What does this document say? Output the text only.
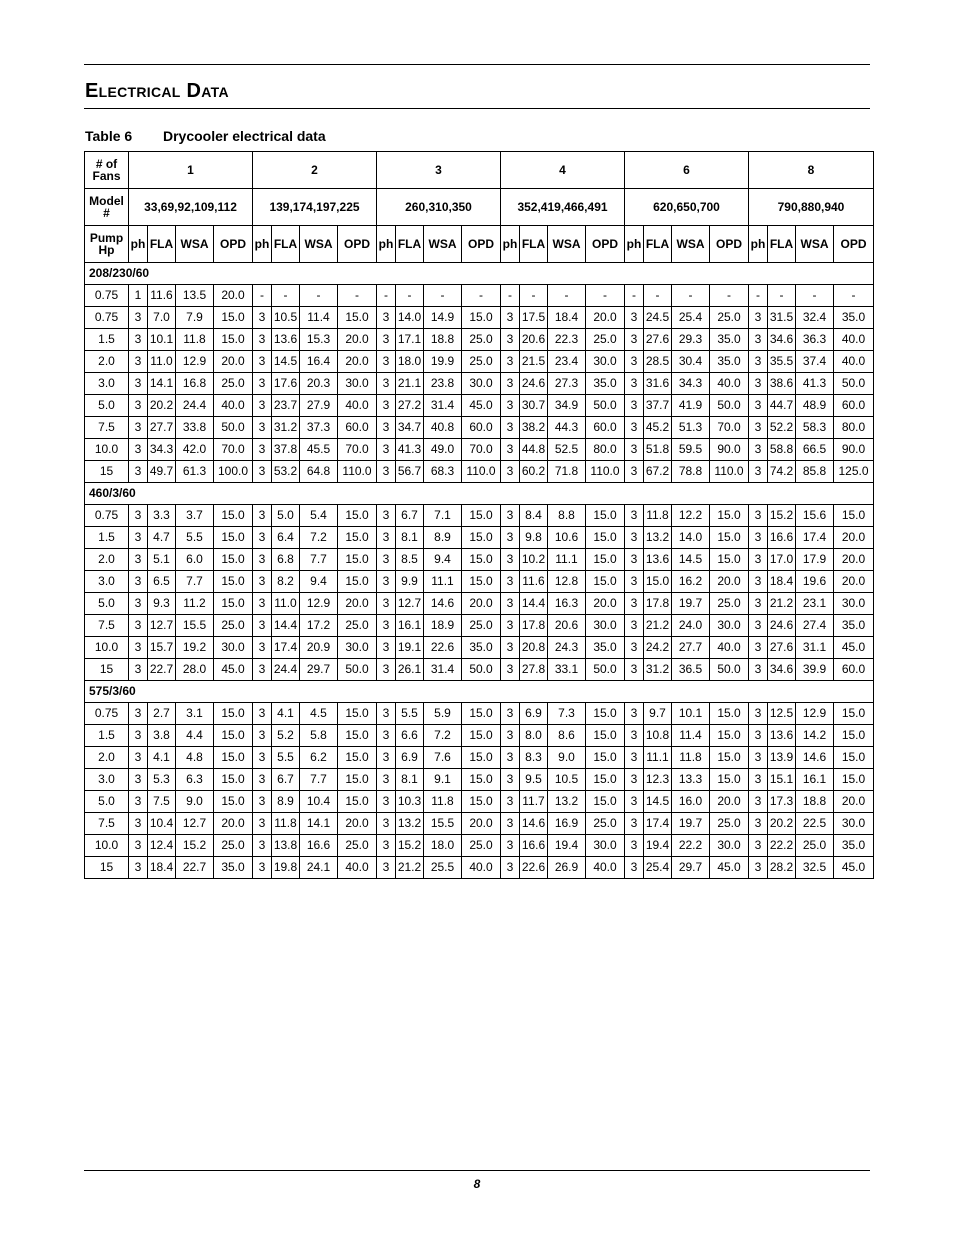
Electrical Data
Table 6 Drycooler electrical data
# of Fans	1				2				3				4				6				8			
Model #	33,69,92,109,112				139,174,197,225				260,310,350				352,419,466,491				620,650,700				790,880,940			
Pump Hp	ph	FLA	WSA	OPD	ph	FLA	WSA	OPD	ph	FLA	WSA	OPD	ph	FLA	WSA	OPD	ph	FLA	WSA	OPD	ph	FLA	WSA	OPD
208/230/60																								
0.75	1	11.6	13.5	20.0	-	-	-	-	-	-	-	-	-	-	-	-	-	-	-	-	-	-	-	-
0.75	3	7.0	7.9	15.0	3	10.5	11.4	15.0	3	14.0	14.9	15.0	3	17.5	18.4	20.0	3	24.5	25.4	25.0	3	31.5	32.4	35.0
1.5	3	10.1	11.8	15.0	3	13.6	15.3	20.0	3	17.1	18.8	25.0	3	20.6	22.3	25.0	3	27.6	29.3	35.0	3	34.6	36.3	40.0
2.0	3	11.0	12.9	20.0	3	14.5	16.4	20.0	3	18.0	19.9	25.0	3	21.5	23.4	30.0	3	28.5	30.4	35.0	3	35.5	37.4	40.0
3.0	3	14.1	16.8	25.0	3	17.6	20.3	30.0	3	21.1	23.8	30.0	3	24.6	27.3	35.0	3	31.6	34.3	40.0	3	38.6	41.3	50.0
5.0	3	20.2	24.4	40.0	3	23.7	27.9	40.0	3	27.2	31.4	45.0	3	30.7	34.9	50.0	3	37.7	41.9	50.0	3	44.7	48.9	60.0
7.5	3	27.7	33.8	50.0	3	31.2	37.3	60.0	3	34.7	40.8	60.0	3	38.2	44.3	60.0	3	45.2	51.3	70.0	3	52.2	58.3	80.0
10.0	3	34.3	42.0	70.0	3	37.8	45.5	70.0	3	41.3	49.0	70.0	3	44.8	52.5	80.0	3	51.8	59.5	90.0	3	58.8	66.5	90.0
15	3	49.7	61.3	100.0	3	53.2	64.8	110.0	3	56.7	68.3	110.0	3	60.2	71.8	110.0	3	67.2	78.8	110.0	3	74.2	85.8	125.0
460/3/60																								
0.75	3	3.3	3.7	15.0	3	5.0	5.4	15.0	3	6.7	7.1	15.0	3	8.4	8.8	15.0	3	11.8	12.2	15.0	3	15.2	15.6	15.0
1.5	3	4.7	5.5	15.0	3	6.4	7.2	15.0	3	8.1	8.9	15.0	3	9.8	10.6	15.0	3	13.2	14.0	15.0	3	16.6	17.4	20.0
2.0	3	5.1	6.0	15.0	3	6.8	7.7	15.0	3	8.5	9.4	15.0	3	10.2	11.1	15.0	3	13.6	14.5	15.0	3	17.0	17.9	20.0
3.0	3	6.5	7.7	15.0	3	8.2	9.4	15.0	3	9.9	11.1	15.0	3	11.6	12.8	15.0	3	15.0	16.2	20.0	3	18.4	19.6	20.0
5.0	3	9.3	11.2	15.0	3	11.0	12.9	20.0	3	12.7	14.6	20.0	3	14.4	16.3	20.0	3	17.8	19.7	25.0	3	21.2	23.1	30.0
7.5	3	12.7	15.5	25.0	3	14.4	17.2	25.0	3	16.1	18.9	25.0	3	17.8	20.6	30.0	3	21.2	24.0	30.0	3	24.6	27.4	35.0
10.0	3	15.7	19.2	30.0	3	17.4	20.9	30.0	3	19.1	22.6	35.0	3	20.8	24.3	35.0	3	24.2	27.7	40.0	3	27.6	31.1	45.0
15	3	22.7	28.0	45.0	3	24.4	29.7	50.0	3	26.1	31.4	50.0	3	27.8	33.1	50.0	3	31.2	36.5	50.0	3	34.6	39.9	60.0
575/3/60																								
0.75	3	2.7	3.1	15.0	3	4.1	4.5	15.0	3	5.5	5.9	15.0	3	6.9	7.3	15.0	3	9.7	10.1	15.0	3	12.5	12.9	15.0
1.5	3	3.8	4.4	15.0	3	5.2	5.8	15.0	3	6.6	7.2	15.0	3	8.0	8.6	15.0	3	10.8	11.4	15.0	3	13.6	14.2	15.0
2.0	3	4.1	4.8	15.0	3	5.5	6.2	15.0	3	6.9	7.6	15.0	3	8.3	9.0	15.0	3	11.1	11.8	15.0	3	13.9	14.6	15.0
3.0	3	5.3	6.3	15.0	3	6.7	7.7	15.0	3	8.1	9.1	15.0	3	9.5	10.5	15.0	3	12.3	13.3	15.0	3	15.1	16.1	15.0
5.0	3	7.5	9.0	15.0	3	8.9	10.4	15.0	3	10.3	11.8	15.0	3	11.7	13.2	15.0	3	14.5	16.0	20.0	3	17.3	18.8	20.0
7.5	3	10.4	12.7	20.0	3	11.8	14.1	20.0	3	13.2	15.5	20.0	3	14.6	16.9	25.0	3	17.4	19.7	25.0	3	20.2	22.5	30.0
10.0	3	12.4	15.2	25.0	3	13.8	16.6	25.0	3	15.2	18.0	25.0	3	16.6	19.4	30.0	3	19.4	22.2	30.0	3	22.2	25.0	35.0
15	3	18.4	22.7	35.0	3	19.8	24.1	40.0	3	21.2	25.5	40.0	3	22.6	26.9	40.0	3	25.4	29.7	45.0	3	28.2	32.5	45.0
8
